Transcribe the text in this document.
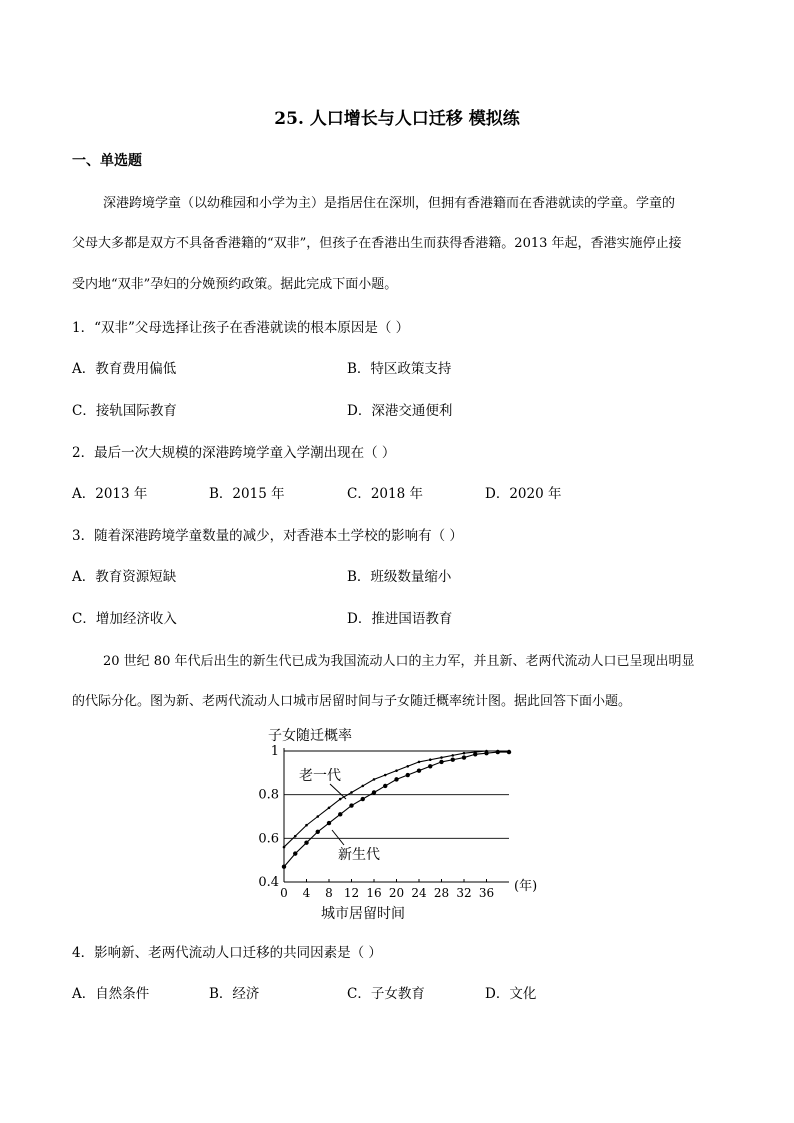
25. 人口增长与人口迁移 模拟练
一、单选题
深港跨境学童（以幼稚园和小学为主）是指居住在深圳，但拥有香港籍而在香港就读的学童。学童的
父母大多都是双方不具备香港籍的“双非”，但孩子在香港出生而获得香港籍。2013 年起，香港实施停止接
受内地“双非”孕妇的分娩预约政策。据此完成下面小题。
1．“双非”父母选择让孩子在香港就读的根本原因是（ ）
A．教育费用偏低	B．特区政策支持
C．接轨国际教育	D．深港交通便利
2．最后一次大规模的深港跨境学童入学潮出现在（ ）
A．2013 年	B．2015 年	C．2018 年	D．2020 年
3．随着深港跨境学童数量的减少，对香港本土学校的影响有（ ）
A．教育资源短缺	B．班级数量缩小
C．增加经济收入	D．推进国语教育
20 世纪 80 年代后出生的新生代已成为我国流动人口的主力军，并且新、老两代流动人口已呈现出明显
的代际分化。图为新、老两代流动人口城市居留时间与子女随迁概率统计图。据此回答下面小题。
0.4
0.6
0.8
1
0 4 8 12 16 20 24 28 32 36
子女随迁概率
(年)
城市居留时间
老一代
新生代
4．影响新、老两代流动人口迁移的共同因素是（ ）
A．自然条件	B．经济	C．子女教育	D．文化
